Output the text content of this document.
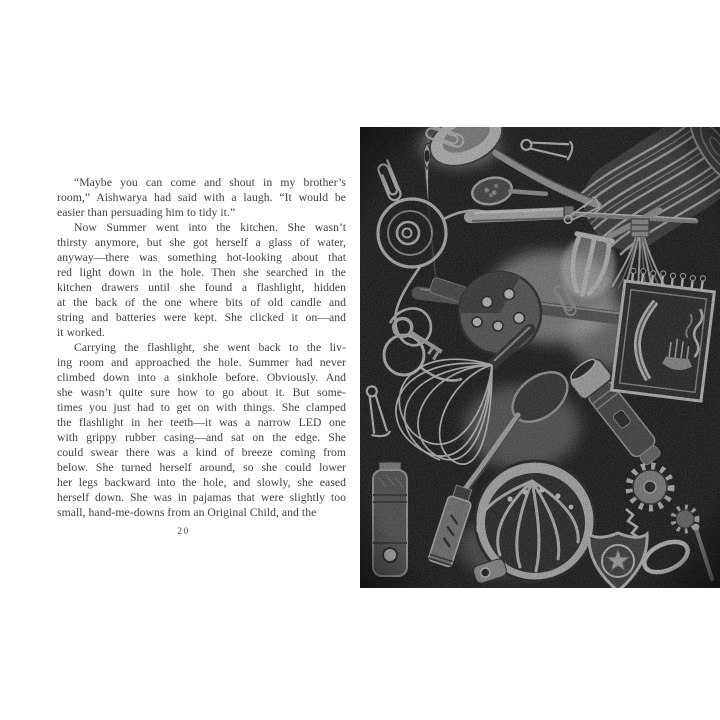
“Maybe you can come and shout in my brother’s
room,” Aishwarya had said with a laugh. “It would be
easier than persuading him to tidy it.”
Now Summer went into the kitchen. She wasn’t
thirsty anymore, but she got herself a glass of water,
anyway—there was something hot-looking about that
red light down in the hole. Then she searched in the
kitchen drawers until she found a flashlight, hidden
at the back of the one where bits of old candle and
string and batteries were kept. She clicked it on—and
it worked.
Carrying the flashlight, she went back to the liv-
ing room and approached the hole. Summer had never
climbed down into a sinkhole before. Obviously. And
she wasn’t quite sure how to go about it. But some-
times you just had to get on with things. She clamped
the flashlight in her teeth—it was a narrow LED one
with grippy rubber casing—and sat on the edge. She
could swear there was a kind of breeze coming from
below. She turned herself around, so she could lower
her legs backward into the hole, and slowly, she eased
herself down. She was in pajamas that were slightly too
small, hand-me-downs from an Original Child, and the
20
